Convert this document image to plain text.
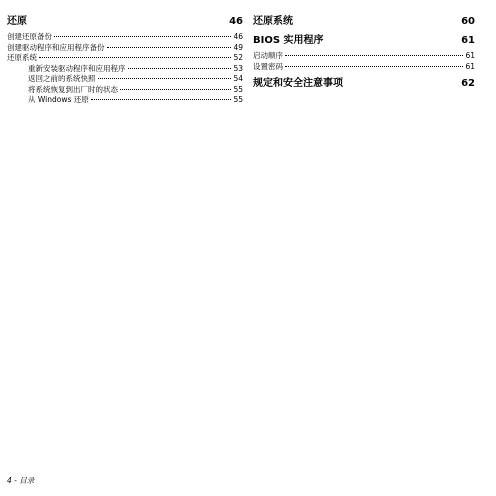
还原	46
创建还原备份	46
创建驱动程序和应用程序备份	49
还原系统	52
重新安装驱动程序和应用程序	53
返回之前的系统快照	54
将系统恢复到出厂时的状态	55
从 Windows 还原	55
还原系统	60
BIOS 实用程序	61
启动顺序	61
设置密码	61
规定和安全注意事项	62
4 - 目录
